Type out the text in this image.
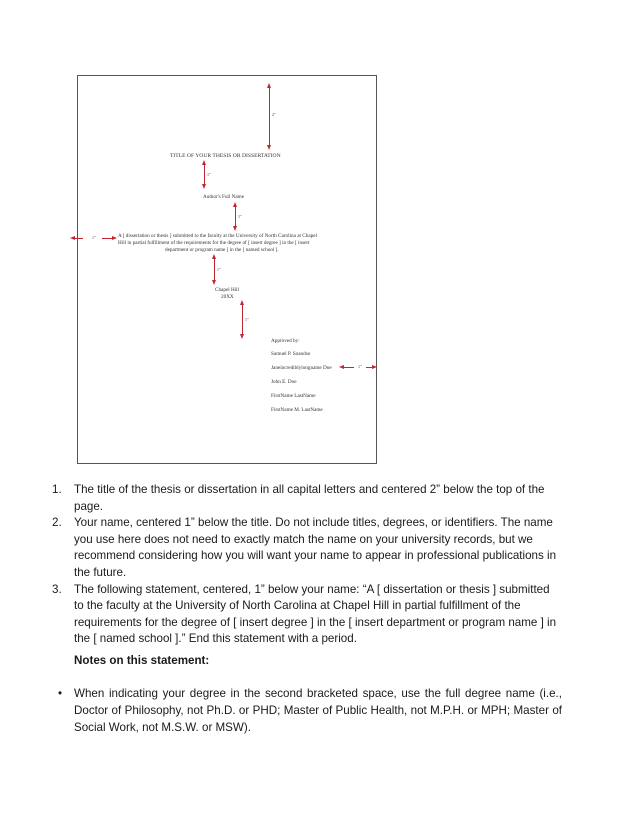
2"
TITLE OF YOUR THESIS OR DISSERTATION
1"
Author's Full Name
1"
1"	A [ dissertation or thesis ] submitted to the faculty at the University of North Carolina at Chapel
Hill in partial fulfillment of the requirements for the degree of [ insert degree ] in the [ insert
department or program name ] in the [ named school ].
1"
Chapel Hill
20XX
1"
Approved by:
Samuel P. Soandso
Janeincrediblylongname Doe
John E. Doe
FirstName LastName
FirstName M. LastName
1"
1. The title of the thesis or dissertation in all capital letters and centered 2” below the top of the
page.
2. Your name, centered 1” below the title. Do not include titles, degrees, or identifiers. The name
you use here does not need to exactly match the name on your university records, but we
recommend considering how you will want your name to appear in professional publications in
the future.
3. The following statement, centered, 1” below your name: “A [ dissertation or thesis ] submitted
to the faculty at the University of North Carolina at Chapel Hill in partial fulfillment of the
requirements for the degree of [ insert degree ] in the [ insert department or program name ] in
the [ named school ].” End this statement with a period.
Notes on this statement:
•	When indicating your degree in the second bracketed space, use the full degree name (i.e., Doctor of Philosophy, not Ph.D. or PHD; Master of Public Health, not M.P.H. or MPH; Master of Social Work, not M.S.W. or MSW).
